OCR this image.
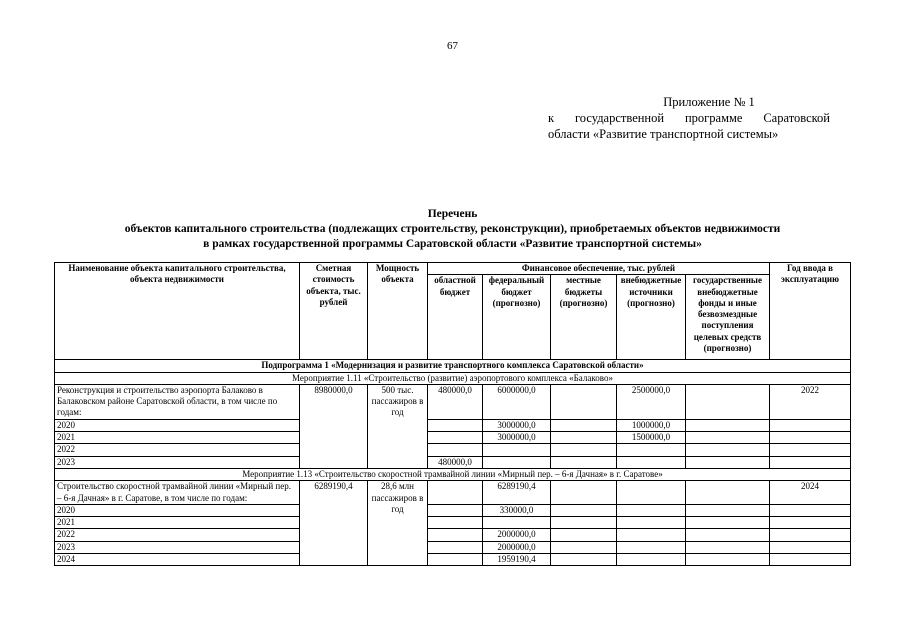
67
Приложение № 1
к государственной программе Саратовской
области «Развитие транспортной системы»
Перечень
объектов капитального строительства (подлежащих строительству, реконструкции), приобретаемых объектов недвижимости
в рамках государственной программы Саратовской области «Развитие транспортной системы»
Наименование объекта капитального строительства, объекта недвижимости	Сметная стоимость объекта, тыс. рублей	Мощность объекта	Финансовое обеспечение, тыс. рублей					Год ввода в эксплуатацию
			областной бюджет	федеральный бюджет (прогнозно)	местные бюджеты (прогнозно)	внебюджетные источники (прогнозно)	государственные внебюджетные фонды и иные безвозмездные поступления целевых средств (прогнозно)	
Подпрограмма 1 «Модернизация и развитие транспортного комплекса Саратовской области»								
Мероприятие 1.11 «Строительство (развитие) аэропортового комплекса «Балаково»								
Реконструкция и строительство аэропорта Балаково в Балаковском районе Саратовской области, в том числе по годам:	8980000,0	500 тыс. пассажиров в год	480000,0	6000000,0		2500000,0		2022
2020				3000000,0		1000000,0		
2021				3000000,0		1500000,0		
2022								
2023			480000,0					
Мероприятие 1.13 «Строительство скоростной трамвайной линии «Мирный пер. – 6-я Дачная» в г. Саратове»								
Строительство скоростной трамвайной линии «Мирный пер. – 6-я Дачная» в г. Саратове, в том числе по годам:	6289190,4	28,6 млн пассажиров в год		6289190,4				2024
2020				330000,0				
2021								
2022				2000000,0				
2023				2000000,0				
2024				1959190,4				
